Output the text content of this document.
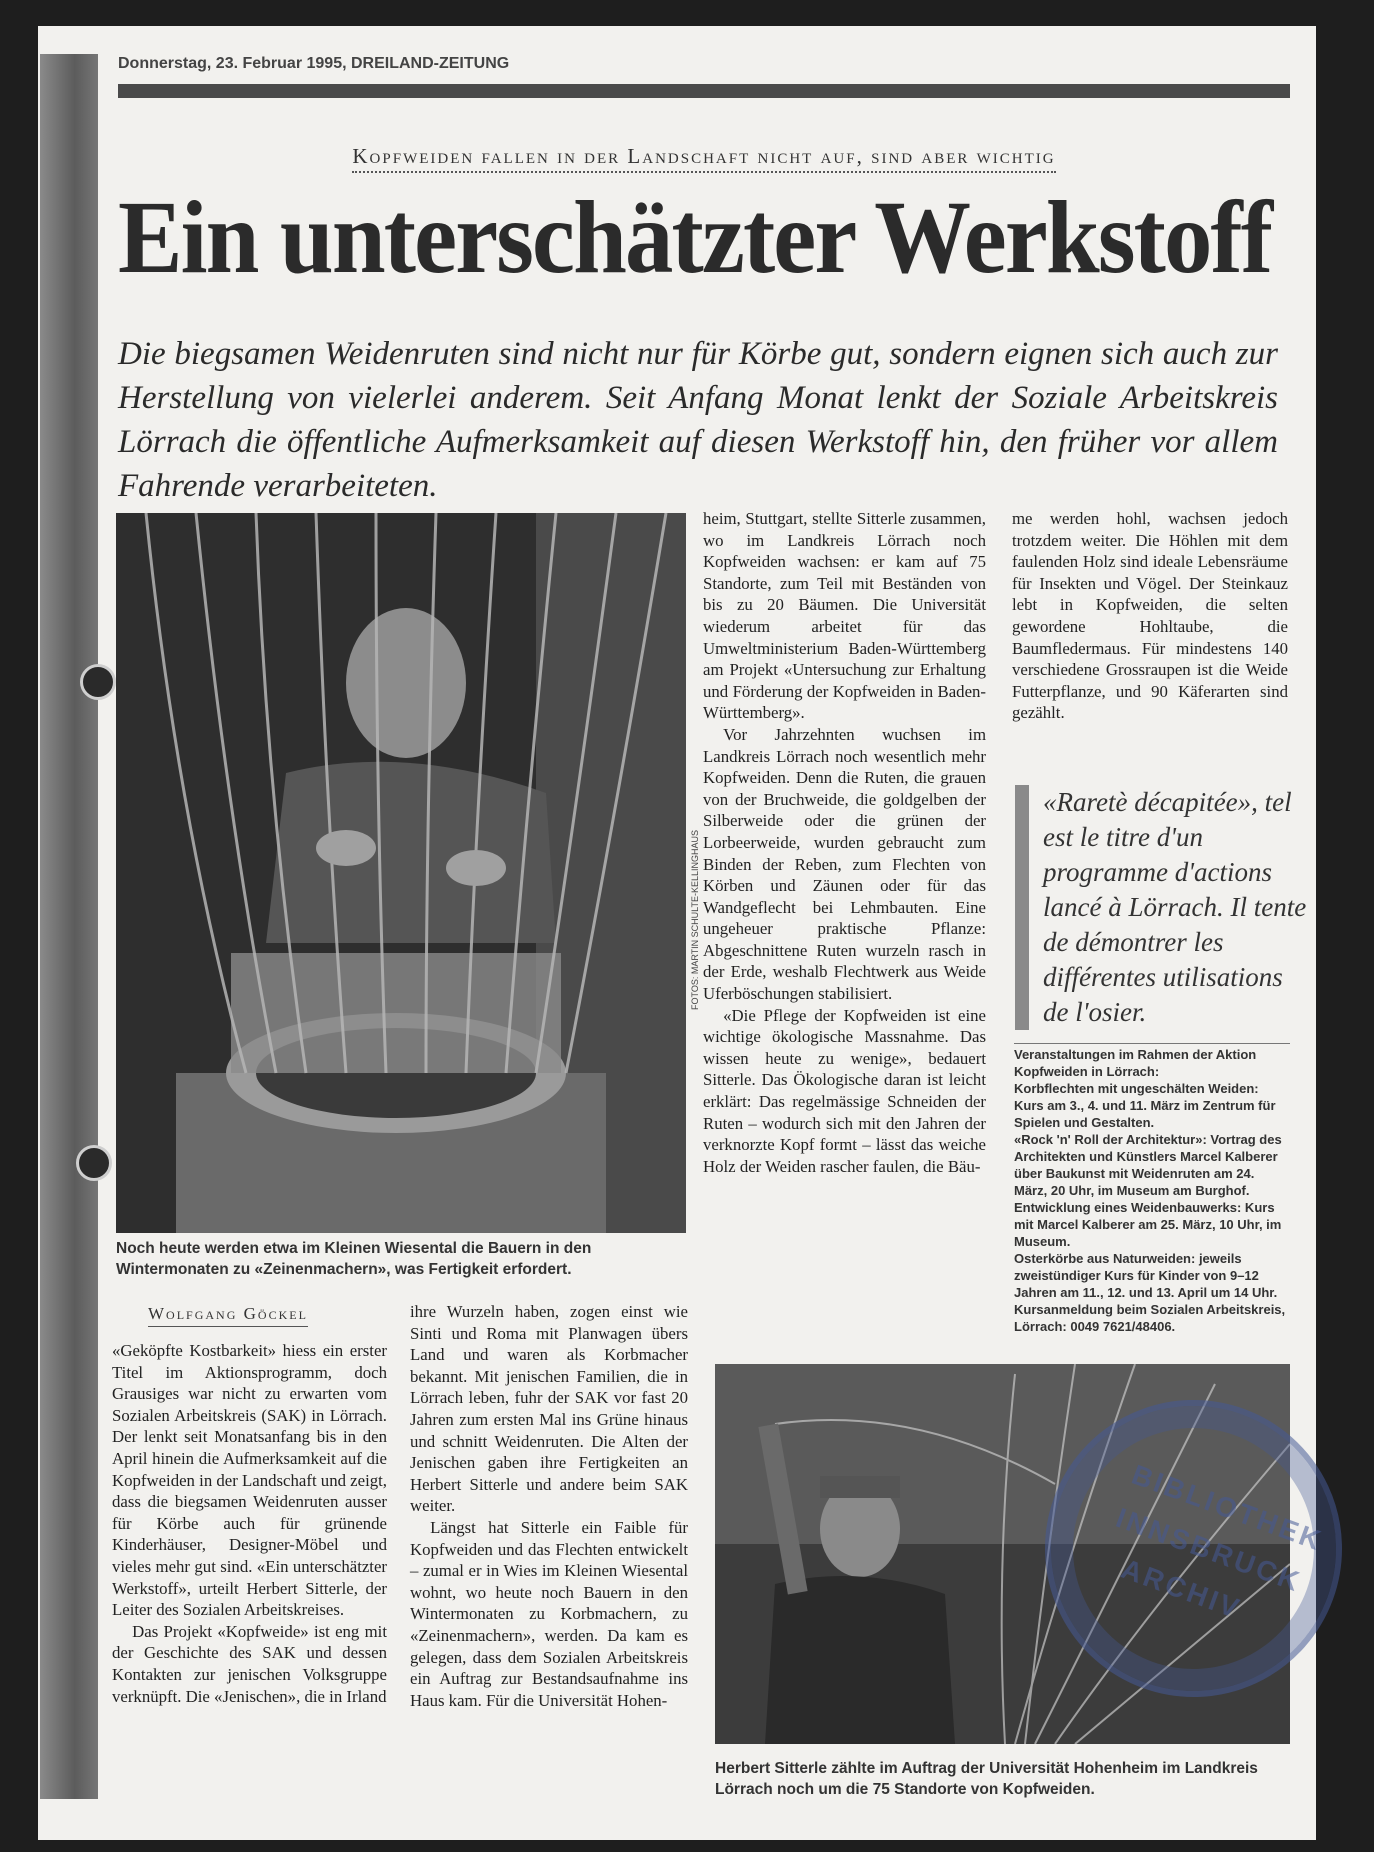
Donnerstag, 23. Februar 1995, DREILAND-ZEITUNG
Kopfweiden fallen in der Landschaft nicht auf, sind aber wichtig
Ein unterschätzter Werkstoff
Die biegsamen Weidenruten sind nicht nur für Körbe gut, sondern eignen sich auch zur Herstellung von vielerlei anderem. Seit Anfang Monat lenkt der Soziale Arbeitskreis Lörrach die öffentliche Aufmerksamkeit auf diesen Werkstoff hin, den früher vor allem Fahrende verarbeiteten.
FOTOS: MARTIN SCHULTE-KELLINGHAUS
Noch heute werden etwa im Kleinen Wiesental die Bauern in den Wintermonaten zu «Zeinenmachern», was Fertigkeit erfordert.
Wolfgang Göckel

«Geköpfte Kostbarkeit» hiess ein erster Titel im Aktionsprogramm, doch Grausiges war nicht zu erwarten vom Sozialen Arbeitskreis (SAK) in Lörrach. Der lenkt seit Monatsanfang bis in den April hinein die Aufmerksamkeit auf die Kopfweiden in der Landschaft und zeigt, dass die biegsamen Weidenruten ausser für Körbe auch für grünende Kinderhäuser, Designer-Möbel und vieles mehr gut sind. «Ein unterschätzter Werkstoff», urteilt Herbert Sitterle, der Leiter des Sozialen Arbeitskreises.

Das Projekt «Kopfweide» ist eng mit der Geschichte des SAK und dessen Kontakten zur jenischen Volksgruppe verknüpft. Die «Jenischen», die in Irland

ihre Wurzeln haben, zogen einst wie Sinti und Roma mit Planwagen übers Land und waren als Korbmacher bekannt. Mit jenischen Familien, die in Lörrach leben, fuhr der SAK vor fast 20 Jahren zum ersten Mal ins Grüne hinaus und schnitt Weidenruten. Die Alten der Jenischen gaben ihre Fertigkeiten an Herbert Sitterle und andere beim SAK weiter.

Längst hat Sitterle ein Faible für Kopfweiden und das Flechten entwickelt – zumal er in Wies im Kleinen Wiesental wohnt, wo heute noch Bauern in den Wintermonaten zu Korbmachern, zu «Zeinenmachern», werden. Da kam es gelegen, dass dem Sozialen Arbeitskreis ein Auftrag zur Bestandsaufnahme ins Haus kam. Für die Universität Hohen-

heim, Stuttgart, stellte Sitterle zusammen, wo im Landkreis Lörrach noch Kopfweiden wachsen: er kam auf 75 Standorte, zum Teil mit Beständen von bis zu 20 Bäumen. Die Universität wiederum arbeitet für das Umweltministerium Baden-Württemberg am Projekt «Untersuchung zur Erhaltung und Förderung der Kopfweiden in Baden-Württemberg».

Vor Jahrzehnten wuchsen im Landkreis Lörrach noch wesentlich mehr Kopfweiden. Denn die Ruten, die grauen von der Bruchweide, die goldgelben der Silberweide oder die grünen der Lorbeerweide, wurden gebraucht zum Binden der Reben, zum Flechten von Körben und Zäunen oder für das Wandgeflecht bei Lehmbauten. Eine ungeheuer praktische Pflanze: Abgeschnittene Ruten wurzeln rasch in der Erde, weshalb Flechtwerk aus Weide Uferböschungen stabilisiert.

«Die Pflege der Kopfweiden ist eine wichtige ökologische Massnahme. Das wissen heute zu wenige», bedauert Sitterle. Das Ökologische daran ist leicht erklärt: Das regelmässige Schneiden der Ruten – wodurch sich mit den Jahren der verknorzte Kopf formt – lässt das weiche Holz der Weiden rascher faulen, die Bäu-

me werden hohl, wachsen jedoch trotzdem weiter. Die Höhlen mit dem faulenden Holz sind ideale Lebensräume für Insekten und Vögel. Der Steinkauz lebt in Kopfweiden, die selten gewordene Hohltaube, die Baumfledermaus. Für mindestens 140 verschiedene Grossraupen ist die Weide Futterpflanze, und 90 Käferarten sind gezählt.

«Raretè décapitée», tel est le titre d'un programme d'actions lancé à Lörrach. Il tente de démontrer les différentes utilisations de l'osier.
Veranstaltungen im Rahmen der Aktion Kopfweiden in Lörrach:
Korbflechten mit ungeschälten Weiden: Kurs am 3., 4. und 11. März im Zentrum für Spielen und Gestalten.
«Rock 'n' Roll der Architektur»: Vortrag des Architekten und Künstlers Marcel Kalberer über Baukunst mit Weidenruten am 24. März, 20 Uhr, im Museum am Burghof.
Entwicklung eines Weidenbauwerks: Kurs mit Marcel Kalberer am 25. März, 10 Uhr, im Museum.
Osterkörbe aus Naturweiden: jeweils zweistündiger Kurs für Kinder von 9–12 Jahren am 11., 12. und 13. April um 14 Uhr.
Kursanmeldung beim Sozialen Arbeitskreis, Lörrach: 0049 7621/48406.
Herbert Sitterle zählte im Auftrag der Universität Hohenheim im Landkreis Lörrach noch um die 75 Standorte von Kopfweiden.
BIBLIOTHEK INNSBRUCK ARCHIV
